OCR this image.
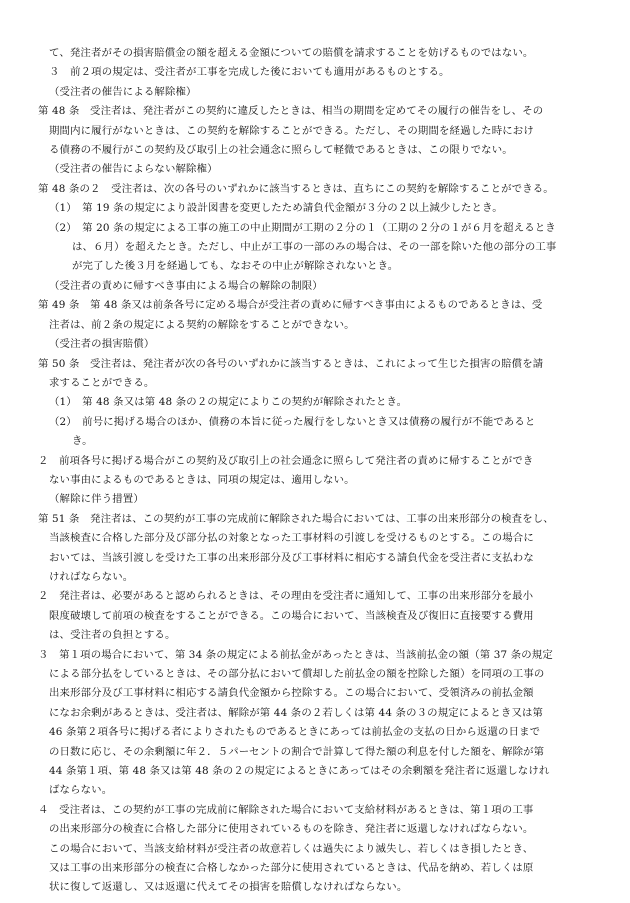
て、発注者がその損害賠償金の額を超える金額についての賠償を請求することを妨げるものではない。
３　前２項の規定は、受注者が工事を完成した後においても適用があるものとする。
（受注者の催告による解除権）
第 48 条　受注者は、発注者がこの契約に違反したときは、相当の期間を定めてその履行の催告をし、その
期間内に履行がないときは、この契約を解除することができる。ただし、その期間を経過した時におけ
る債務の不履行がこの契約及び取引上の社会通念に照らして軽微であるときは、この限りでない。
（受注者の催告によらない解除権）
第 48 条の２　受注者は、次の各号のいずれかに該当するときは、直ちにこの契約を解除することができる。
（1）　第 19 条の規定により設計図書を変更したため請負代金額が３分の２以上減少したとき。
（2）　第 20 条の規定による工事の施工の中止期間が工期の２分の１（工期の２分の１が６月を超えるとき
は、６月）を超えたとき。ただし、中止が工事の一部のみの場合は、その一部を除いた他の部分の工事
が完了した後３月を経過しても、なおその中止が解除されないとき。
（受注者の責めに帰すべき事由による場合の解除の制限）
第 49 条　第 48 条又は前条各号に定める場合が受注者の責めに帰すべき事由によるものであるときは、受
注者は、前２条の規定による契約の解除をすることができない。
（受注者の損害賠償）
第 50 条　受注者は、発注者が次の各号のいずれかに該当するときは、これによって生じた損害の賠償を請
求することができる。
（1）　第 48 条又は第 48 条の２の規定によりこの契約が解除されたとき。
（2）　前号に掲げる場合のほか、債務の本旨に従った履行をしないとき又は債務の履行が不能であると
き。
２　前項各号に掲げる場合がこの契約及び取引上の社会通念に照らして発注者の責めに帰することができ
ない事由によるものであるときは、同項の規定は、適用しない。
（解除に伴う措置）
第 51 条　発注者は、この契約が工事の完成前に解除された場合においては、工事の出来形部分の検査をし、
当該検査に合格した部分及び部分払の対象となった工事材料の引渡しを受けるものとする。この場合に
おいては、当該引渡しを受けた工事の出来形部分及び工事材料に相応する請負代金を受注者に支払わな
ければならない。
２　発注者は、必要があると認められるときは、その理由を受注者に通知して、工事の出来形部分を最小
限度破壊して前項の検査をすることができる。この場合において、当該検査及び復旧に直接要する費用
は、受注者の負担とする。
３　第１項の場合において、第 34 条の規定による前払金があったときは、当該前払金の額（第 37 条の規定
による部分払をしているときは、その部分払において償却した前払金の額を控除した額）を同項の工事の
出来形部分及び工事材料に相応する請負代金額から控除する。この場合において、受領済みの前払金額
になお余剰があるときは、受注者は、解除が第 44 条の２若しくは第 44 条の３の規定によるとき又は第
46 条第２項各号に掲げる者によりされたものであるときにあっては前払金の支払の日から返還の日まで
の日数に応じ、その余剰額に年２．５パーセントの割合で計算して得た額の利息を付した額を、解除が第
44 条第１項、第 48 条又は第 48 条の２の規定によるときにあってはその余剰額を発注者に返還しなけれ
ばならない。
４　受注者は、この契約が工事の完成前に解除された場合において支給材料があるときは、第１項の工事
の出来形部分の検査に合格した部分に使用されているものを除き、発注者に返還しなければならない。
この場合において、当該支給材料が受注者の故意若しくは過失により滅失し、若しくはき損したとき、
又は工事の出来形部分の検査に合格しなかった部分に使用されているときは、代品を納め、若しくは原
状に復して返還し、又は返還に代えてその損害を賠償しなければならない。
